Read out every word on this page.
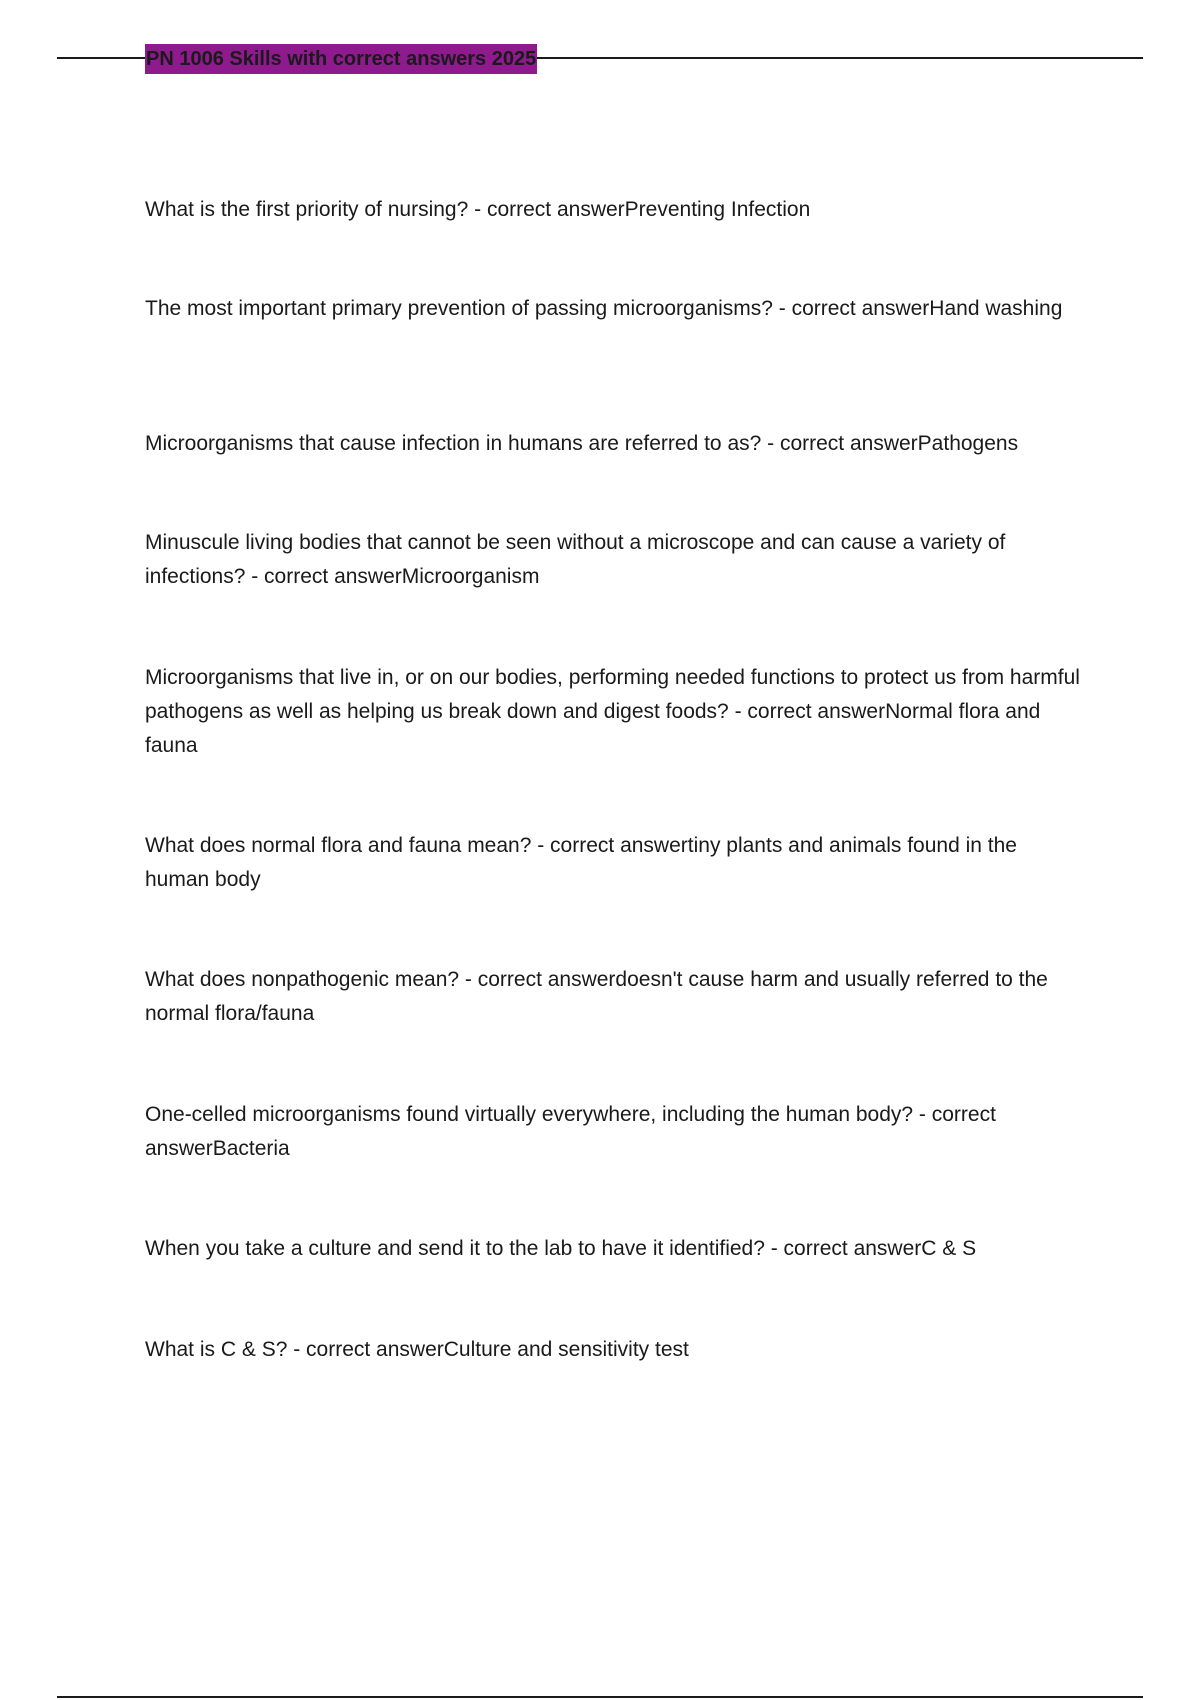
PN 1006 Skills with correct answers 2025

What is the first priority of nursing? - correct answerPreventing Infection

The most important primary prevention of passing microorganisms? - correct answerHand washing

Microorganisms that cause infection in humans are referred to as? - correct answerPathogens

Minuscule living bodies that cannot be seen without a microscope and can cause a variety of infections? - correct answerMicroorganism

Microorganisms that live in, or on our bodies, performing needed functions to protect us from harmful pathogens as well as helping us break down and digest foods? - correct answerNormal flora and fauna

What does normal flora and fauna mean? - correct answertiny plants and animals found in the human body

What does nonpathogenic mean? - correct answerdoesn't cause harm and usually referred to the normal flora/fauna

One-celled microorganisms found virtually everywhere, including the human body? - correct answerBacteria

When you take a culture and send it to the lab to have it identified? - correct answerC & S

What is C & S? - correct answerCulture and sensitivity test
